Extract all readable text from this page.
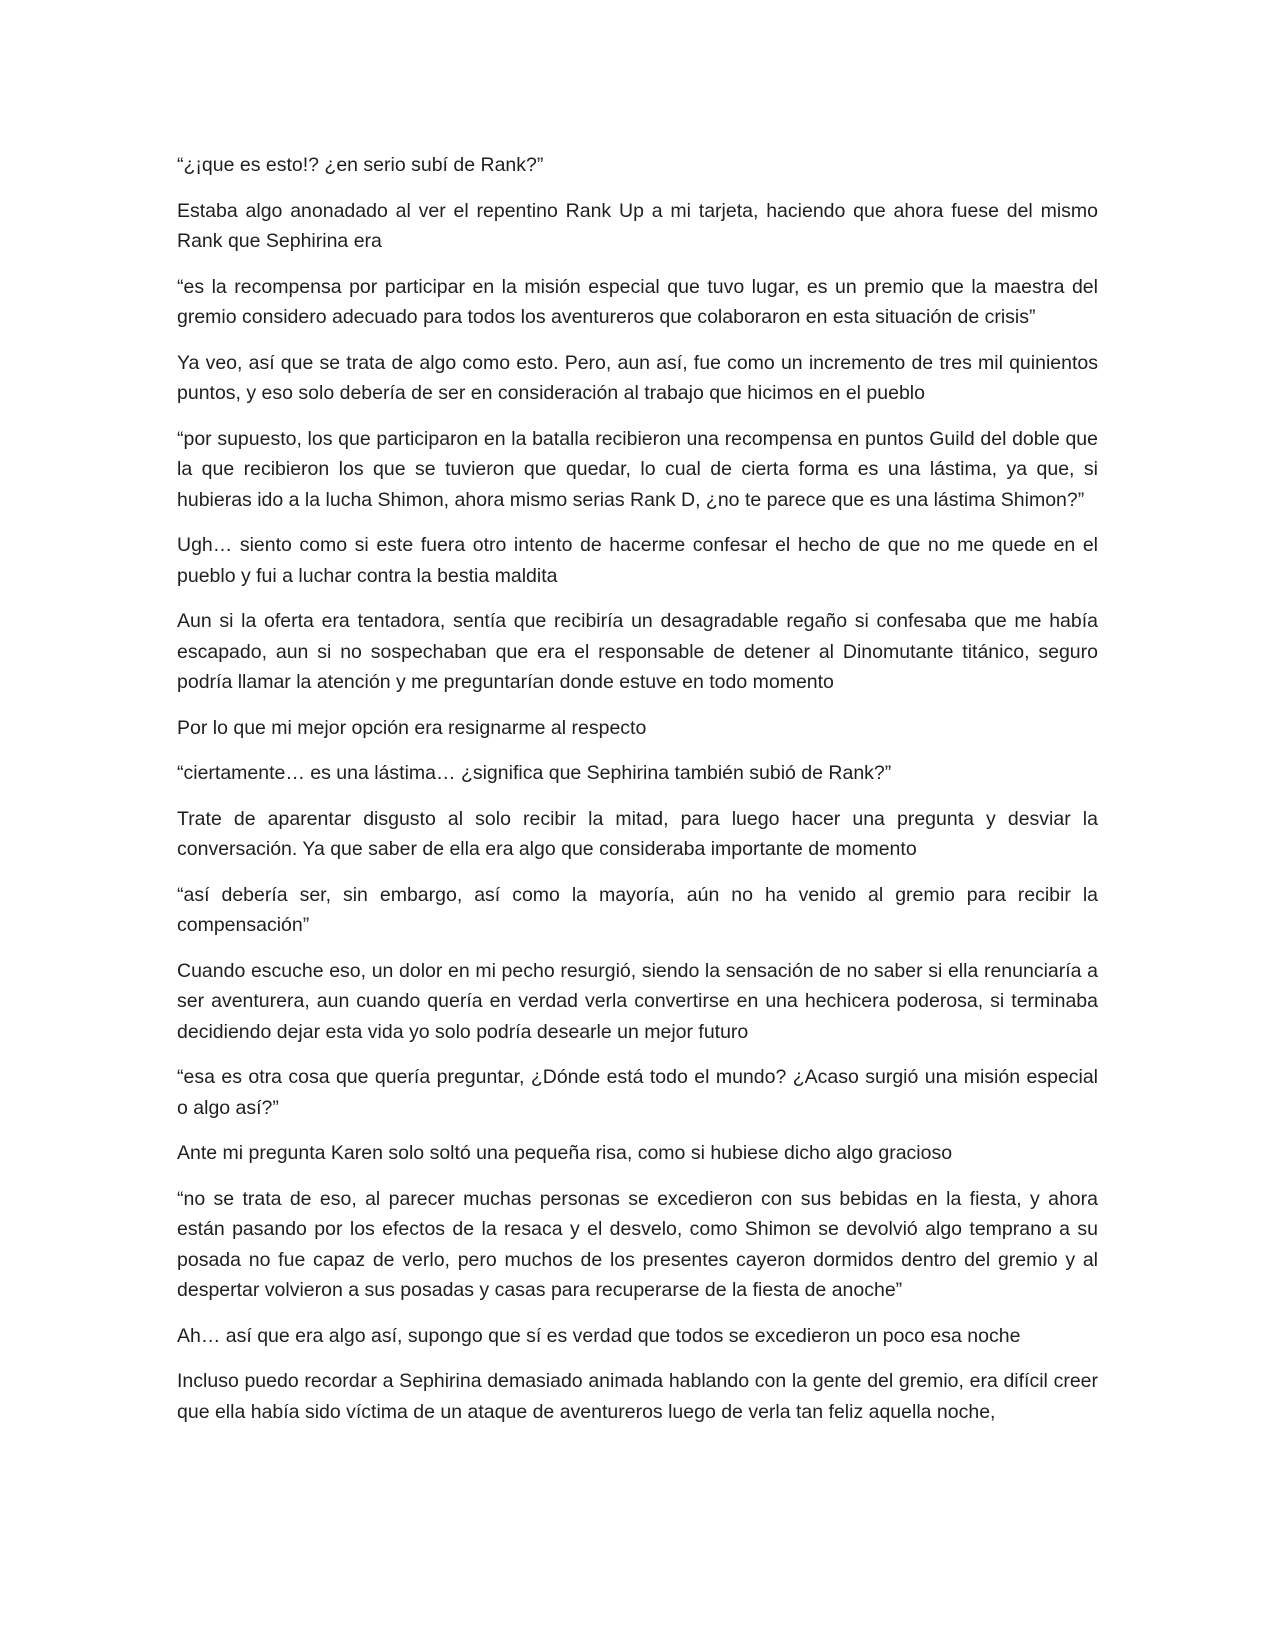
“¿¡que es esto!? ¿en serio subí de Rank?”

Estaba algo anonadado al ver el repentino Rank Up a mi tarjeta, haciendo que ahora fuese del mismo Rank que Sephirina era

“es la recompensa por participar en la misión especial que tuvo lugar, es un premio que la maestra del gremio considero adecuado para todos los aventureros que colaboraron en esta situación de crisis”

Ya veo, así que se trata de algo como esto. Pero, aun así, fue como un incremento de tres mil quinientos puntos, y eso solo debería de ser en consideración al trabajo que hicimos en el pueblo

“por supuesto, los que participaron en la batalla recibieron una recompensa en puntos Guild del doble que la que recibieron los que se tuvieron que quedar, lo cual de cierta forma es una lástima, ya que, si hubieras ido a la lucha Shimon, ahora mismo serias Rank D, ¿no te parece que es una lástima Shimon?”

Ugh… siento como si este fuera otro intento de hacerme confesar el hecho de que no me quede en el pueblo y fui a luchar contra la bestia maldita

Aun si la oferta era tentadora, sentía que recibiría un desagradable regaño si confesaba que me había escapado, aun si no sospechaban que era el responsable de detener al Dinomutante titánico, seguro podría llamar la atención y me preguntarían donde estuve en todo momento

Por lo que mi mejor opción era resignarme al respecto

“ciertamente… es una lástima… ¿significa que Sephirina también subió de Rank?”

Trate de aparentar disgusto al solo recibir la mitad, para luego hacer una pregunta y desviar la conversación. Ya que saber de ella era algo que consideraba importante de momento

“así debería ser, sin embargo, así como la mayoría, aún no ha venido al gremio para recibir la compensación”

Cuando escuche eso, un dolor en mi pecho resurgió, siendo la sensación de no saber si ella renunciaría a ser aventurera, aun cuando quería en verdad verla convertirse en una hechicera poderosa, si terminaba decidiendo dejar esta vida yo solo podría desearle un mejor futuro

“esa es otra cosa que quería preguntar, ¿Dónde está todo el mundo? ¿Acaso surgió una misión especial o algo así?”

Ante mi pregunta Karen solo soltó una pequeña risa, como si hubiese dicho algo gracioso

“no se trata de eso, al parecer muchas personas se excedieron con sus bebidas en la fiesta, y ahora están pasando por los efectos de la resaca y el desvelo, como Shimon se devolvió algo temprano a su posada no fue capaz de verlo, pero muchos de los presentes cayeron dormidos dentro del gremio y al despertar volvieron a sus posadas y casas para recuperarse de la fiesta de anoche”

Ah… así que era algo así, supongo que sí es verdad que todos se excedieron un poco esa noche

Incluso puedo recordar a Sephirina demasiado animada hablando con la gente del gremio, era difícil creer que ella había sido víctima de un ataque de aventureros luego de verla tan feliz aquella noche,
